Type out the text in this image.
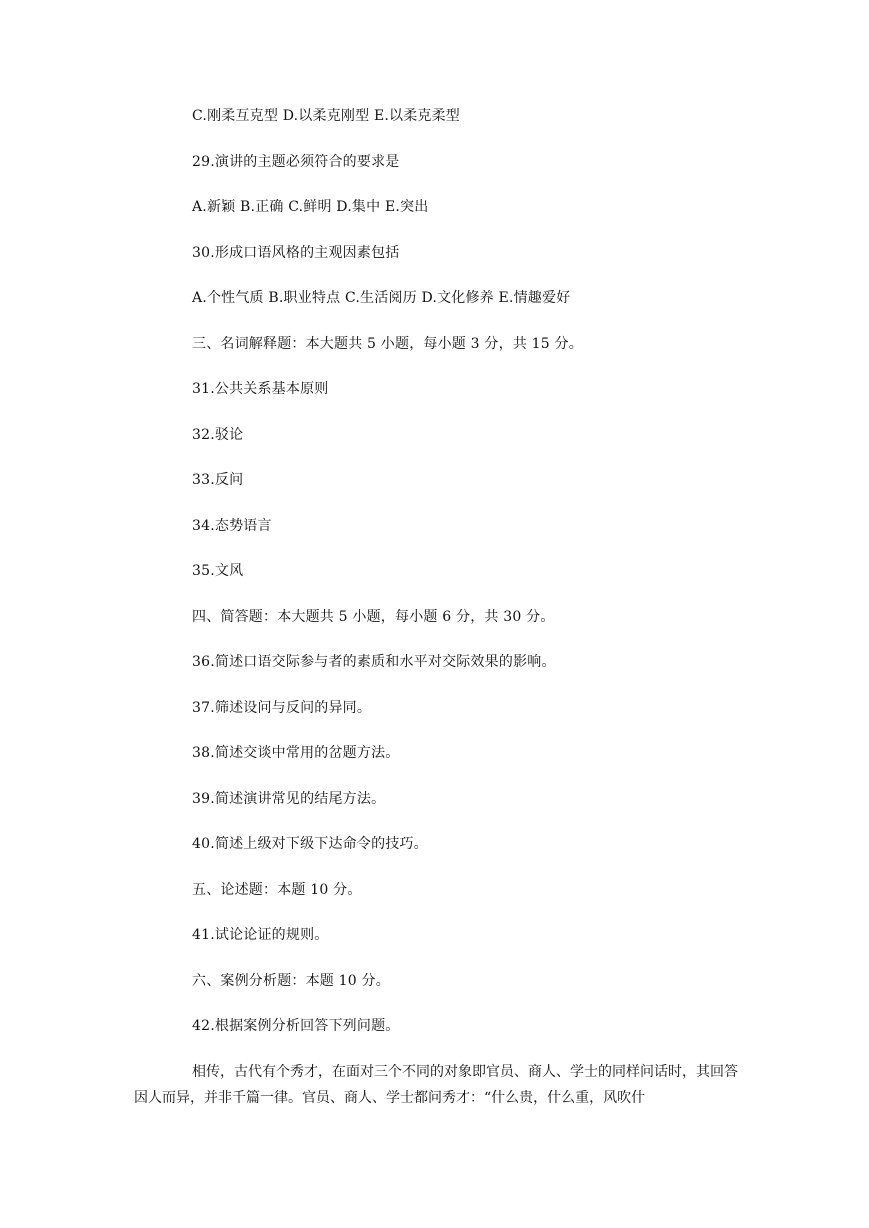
C.刚柔互克型 D.以柔克刚型 E.以柔克柔型
29.演讲的主题必须符合的要求是
A.新颖 B.正确 C.鲜明 D.集中 E.突出
30.形成口语风格的主观因素包括
A.个性气质 B.职业特点 C.生活阅历 D.文化修养 E.情趣爱好
三、名词解释题：本大题共 5 小题，每小题 3 分，共 15 分。
31.公共关系基本原则
32.驳论
33.反问
34.态势语言
35.文风
四、简答题：本大题共 5 小题，每小题 6 分，共 30 分。
36.简述口语交际参与者的素质和水平对交际效果的影响。
37.筛述设问与反问的异同。
38.简述交谈中常用的岔题方法。
39.简述演讲常见的结尾方法。
40.简述上级对下级下达命令的技巧。
五、论述题：本题 10 分。
41.试论论证的规则。
六、案例分析题：本题 10 分。
42.根据案例分析回答下列问题。
相传，古代有个秀才，在面对三个不同的对象即官员、商人、学士的同样问话时，其回答因人而异，并非千篇一律。官员、商人、学士都问秀才：“什么贵，什么重，风吹什
